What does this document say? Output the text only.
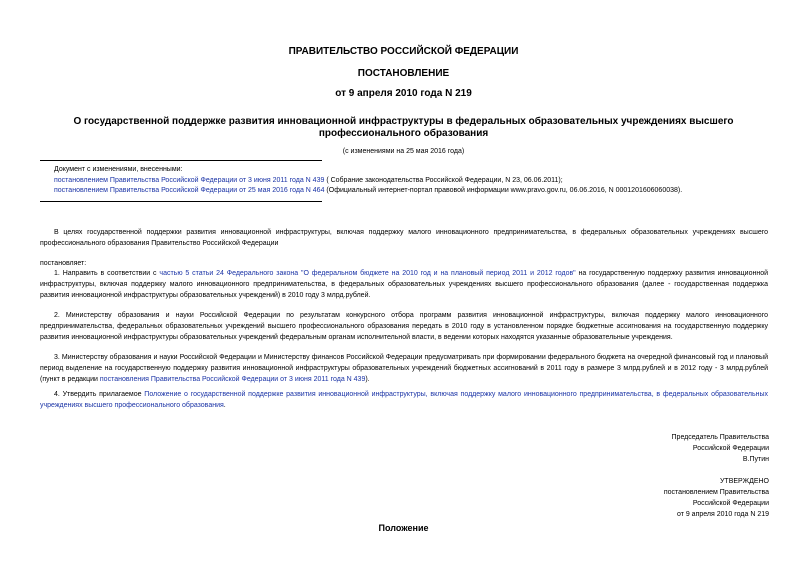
ПРАВИТЕЛЬСТВО РОССИЙСКОЙ ФЕДЕРАЦИИ
ПОСТАНОВЛЕНИЕ
от 9 апреля 2010 года N 219
О государственной поддержке развития инновационной инфраструктуры в федеральных образовательных учреждениях высшего профессионального образования
(с изменениями на 25 мая 2016 года)
Документ с изменениями, внесенными:
постановлением Правительства Российской Федерации от 3 июня 2011 года N 439 ( Собрание законодательства Российской Федерации, N 23, 06.06.2011);
постановлением Правительства Российской Федерации от 25 мая 2016 года N 464 (Официальный интернет-портал правовой информации www.pravo.gov.ru, 06.06.2016, N 0001201606060038).
В целях государственной поддержки развития инновационной инфраструктуры, включая поддержку малого инновационного предпринимательства, в федеральных образовательных учреждениях высшего профессионального образования Правительство Российской Федерации
постановляет:
1. Направить в соответствии с частью 5 статьи 24 Федерального закона "О федеральном бюджете на 2010 год и на плановый период 2011 и 2012 годов" на государственную поддержку развития инновационной инфраструктуры, включая поддержку малого инновационного предпринимательства, в федеральных образовательных учреждениях высшего профессионального образования (далее - государственная поддержка развития инновационной инфраструктуры образовательных учреждений) в 2010 году 3 млрд.рублей.
2. Министерству образования и науки Российской Федерации по результатам конкурсного отбора программ развития инновационной инфраструктуры, включая поддержку малого инновационного предпринимательства, федеральных образовательных учреждений высшего профессионального образования передать в 2010 году в установленном порядке бюджетные ассигнования на государственную поддержку развития инновационной инфраструктуры образовательных учреждений федеральным органам исполнительной власти, в ведении которых находятся указанные образовательные учреждения.
3. Министерству образования и науки Российской Федерации и Министерству финансов Российской Федерации предусматривать при формировании федерального бюджета на очередной финансовый год и плановый период выделение на государственную поддержку развития инновационной инфраструктуры образовательных учреждений бюджетных ассигнований в 2011 году в размере 3 млрд.рублей и в 2012 году - 3 млрд.рублей (пункт в редакции постановления Правительства Российской Федерации от 3 июня 2011 года N 439).
4. Утвердить прилагаемое Положение о государственной поддержке развития инновационной инфраструктуры, включая поддержку малого инновационного предпринимательства, в федеральных образовательных учреждениях высшего профессионального образования.
Председатель Правительства
Российской Федерации
В.Путин
УТВЕРЖДЕНО
постановлением Правительства
Российской Федерации
от 9 апреля 2010 года N 219
Положение
